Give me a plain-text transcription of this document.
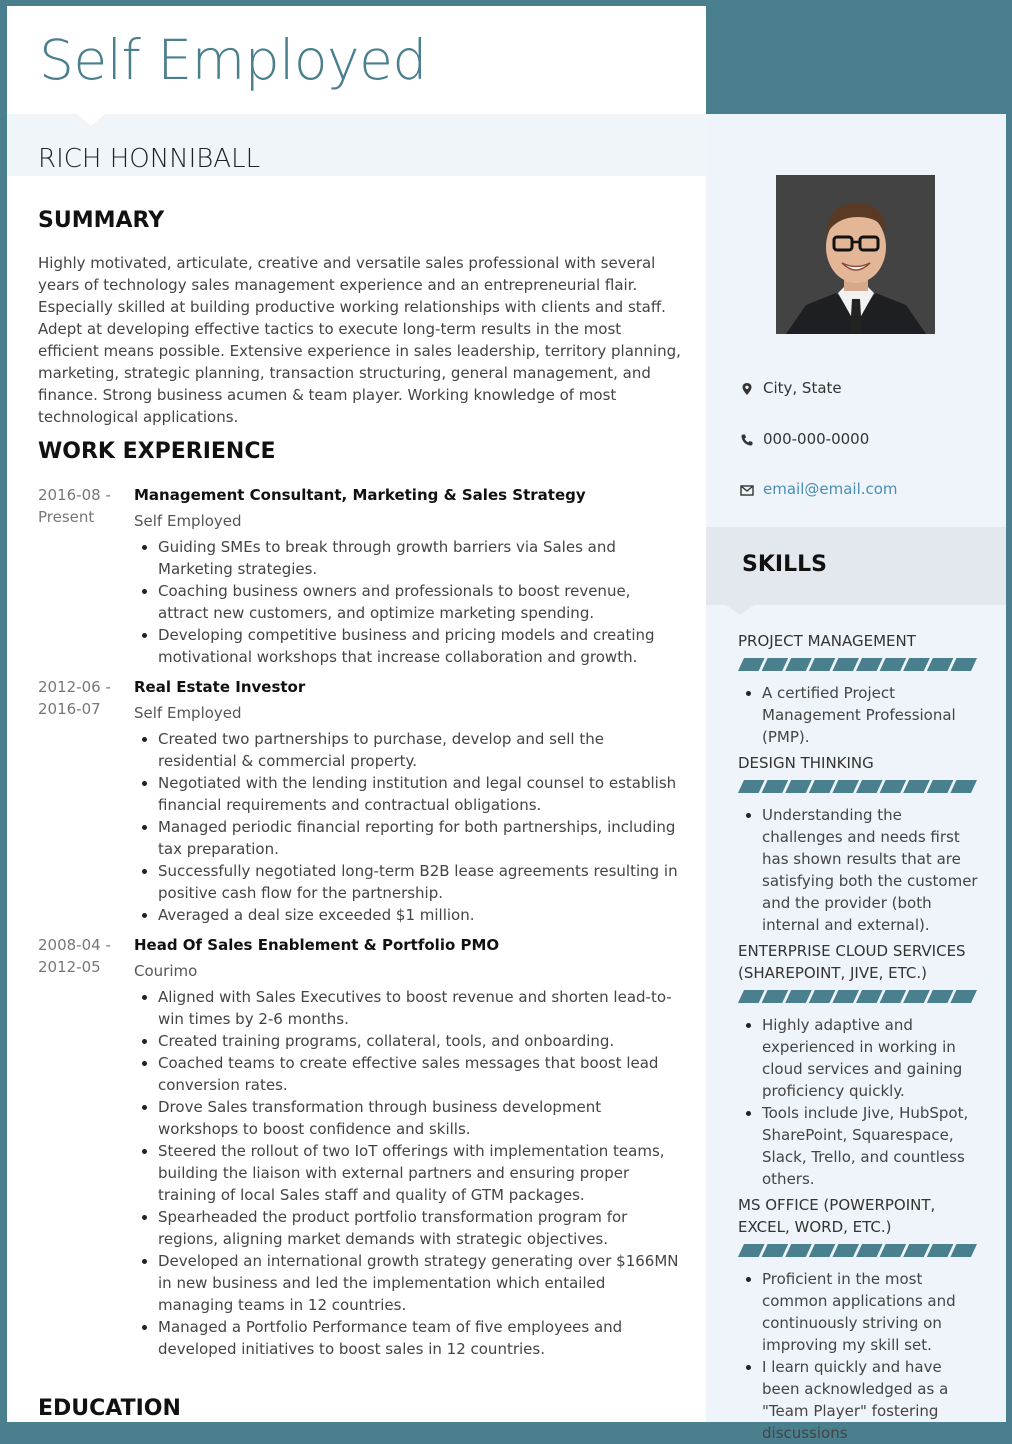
Self Employed
RICH HONNIBALL
SUMMARY
Highly motivated, articulate, creative and versatile sales professional with several years of technology sales management experience and an entrepreneurial flair. Especially skilled at building productive working relationships with clients and staff. Adept at developing effective tactics to execute long-term results in the most efficient means possible. Extensive experience in sales leadership, territory planning, marketing, strategic planning, transaction structuring, general management, and finance. Strong business acumen & team player. Working knowledge of most technological applications.
WORK EXPERIENCE
2016-08 - Present
Management Consultant, Marketing & Sales Strategy
Self Employed
Guiding SMEs to break through growth barriers via Sales and Marketing strategies.
Coaching business owners and professionals to boost revenue, attract new customers, and optimize marketing spending.
Developing competitive business and pricing models and creating motivational workshops that increase collaboration and growth.
2012-06 - 2016-07
Real Estate Investor
Self Employed
Created two partnerships to purchase, develop and sell the residential & commercial property.
Negotiated with the lending institution and legal counsel to establish financial requirements and contractual obligations.
Managed periodic financial reporting for both partnerships, including tax preparation.
Successfully negotiated long-term B2B lease agreements resulting in positive cash flow for the partnership.
Averaged a deal size exceeded $1 million.
2008-04 - 2012-05
Head Of Sales Enablement & Portfolio PMO
Courimo
Aligned with Sales Executives to boost revenue and shorten lead-to-win times by 2-6 months.
Created training programs, collateral, tools, and onboarding.
Coached teams to create effective sales messages that boost lead conversion rates.
Drove Sales transformation through business development workshops to boost confidence and skills.
Steered the rollout of two IoT offerings with implementation teams, building the liaison with external partners and ensuring proper training of local Sales staff and quality of GTM packages.
Spearheaded the product portfolio transformation program for regions, aligning market demands with strategic objectives.
Developed an international growth strategy generating over $166MN in new business and led the implementation which entailed managing teams in 12 countries.
Managed a Portfolio Performance team of five employees and developed initiatives to boost sales in 12 countries.
EDUCATION
City, State
000-000-0000
email@email.com
SKILLS
PROJECT MANAGEMENT
A certified Project Management Professional (PMP).
DESIGN THINKING
Understanding the challenges and needs first has shown results that are satisfying both the customer and the provider (both internal and external).
ENTERPRISE CLOUD SERVICES (SHAREPOINT, JIVE, ETC.)
Highly adaptive and experienced in working in cloud services and gaining proficiency quickly.
Tools include Jive, HubSpot, SharePoint, Squarespace, Slack, Trello, and countless others.
MS OFFICE (POWERPOINT, EXCEL, WORD, ETC.)
Proficient in the most common applications and continuously striving on improving my skill set.
I learn quickly and have been acknowledged as a "Team Player" fostering discussions
